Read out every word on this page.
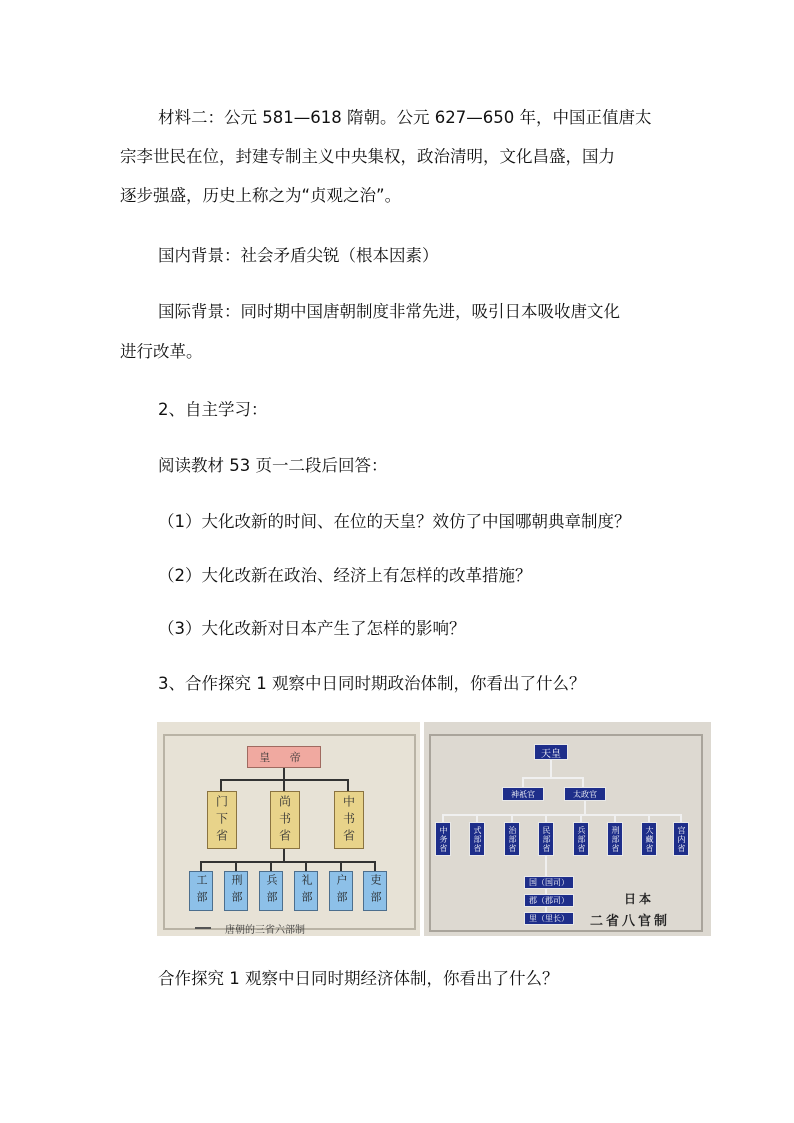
材料二：公元 581—618 隋朝。公元 627—650 年，中国正值唐太
宗李世民在位，封建专制主义中央集权，政治清明，文化昌盛，国力
逐步强盛，历史上称之为“贞观之治”。
国内背景：社会矛盾尖锐（根本因素）
国际背景：同时期中国唐朝制度非常先进，吸引日本吸收唐文化
进行改革。
2、自主学习：
阅读教材 53 页一二段后回答：
（1）大化改新的时间、在位的天皇？效仿了中国哪朝典章制度？
（2）大化改新在政治、经济上有怎样的改革措施？
（3）大化改新对日本产生了怎样的影响？
3、合作探究 1 观察中日同时期政治体制，你看出了什么？
合作探究 1 观察中日同时期经济体制，你看出了什么？
皇 帝
门下省	尚书省	中书省
工部 刑部 兵部 礼部 户部 吏部
唐朝的三省六部制
天皇
神祇官	太政官
中务省	式部省	治部省	民部省	兵部省	刑部省	大藏省	宫内省
国（国司）
郡（郡司）
里（里长）
日本
二省八官制
